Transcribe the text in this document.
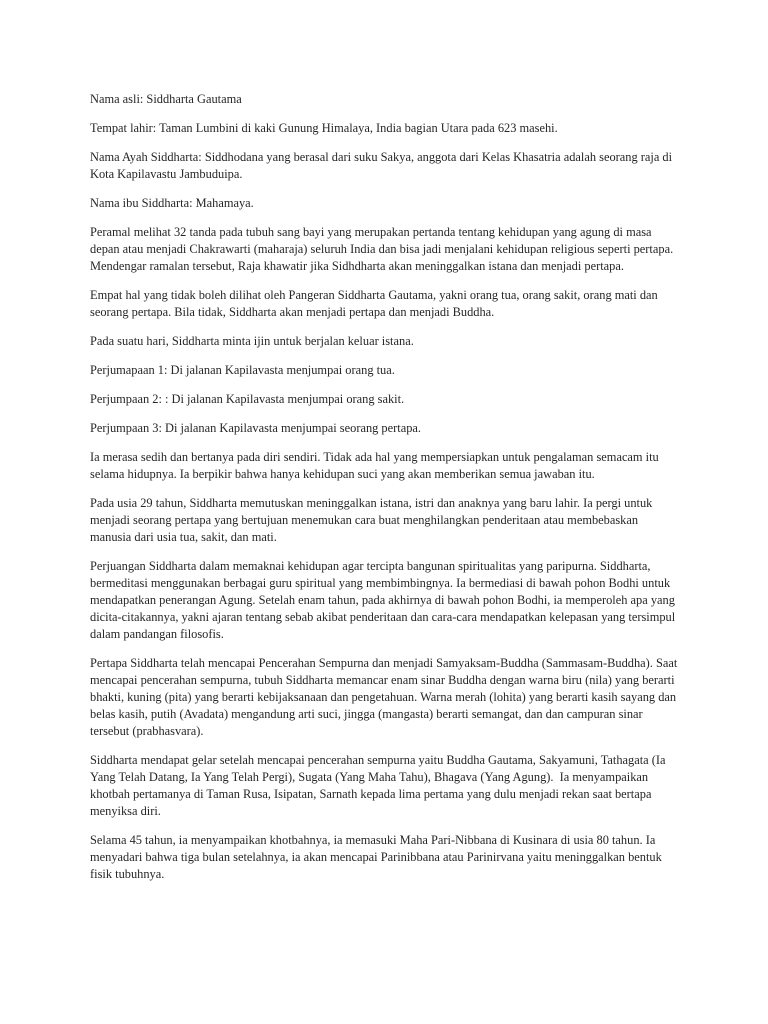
Nama asli: Siddharta Gautama

Tempat lahir: Taman Lumbini di kaki Gunung Himalaya, India bagian Utara pada 623 masehi.

Nama Ayah Siddharta: Siddhodana yang berasal dari suku Sakya, anggota dari Kelas Khasatria adalah seorang raja di Kota Kapilavastu Jambuduipa.

Nama ibu Siddharta: Mahamaya.

Peramal melihat 32 tanda pada tubuh sang bayi yang merupakan pertanda tentang kehidupan yang agung di masa depan atau menjadi Chakrawarti (maharaja) seluruh India dan bisa jadi menjalani kehidupan religious seperti pertapa. Mendengar ramalan tersebut, Raja khawatir jika Sidhdharta akan meninggalkan istana dan menjadi pertapa.

Empat hal yang tidak boleh dilihat oleh Pangeran Siddharta Gautama, yakni orang tua, orang sakit, orang mati dan seorang pertapa. Bila tidak, Siddharta akan menjadi pertapa dan menjadi Buddha.

Pada suatu hari, Siddharta minta ijin untuk berjalan keluar istana.

Perjumapaan 1: Di jalanan Kapilavasta menjumpai orang tua.

Perjumpaan 2: : Di jalanan Kapilavasta menjumpai orang sakit.

Perjumpaan 3: Di jalanan Kapilavasta menjumpai seorang pertapa.

Ia merasa sedih dan bertanya pada diri sendiri. Tidak ada hal yang mempersiapkan untuk pengalaman semacam itu selama hidupnya. Ia berpikir bahwa hanya kehidupan suci yang akan memberikan semua jawaban itu.

Pada usia 29 tahun, Siddharta memutuskan meninggalkan istana, istri dan anaknya yang baru lahir. Ia pergi untuk menjadi seorang pertapa yang bertujuan menemukan cara buat menghilangkan penderitaan atau membebaskan manusia dari usia tua, sakit, dan mati.

Perjuangan Siddharta dalam memaknai kehidupan agar tercipta bangunan spiritualitas yang paripurna. Siddharta, bermeditasi menggunakan berbagai guru spiritual yang membimbingnya. Ia bermediasi di bawah pohon Bodhi untuk mendapatkan penerangan Agung. Setelah enam tahun, pada akhirnya di bawah pohon Bodhi, ia memperoleh apa yang dicita-citakannya, yakni ajaran tentang sebab akibat penderitaan dan cara-cara mendapatkan kelepasan yang tersimpul dalam pandangan filosofis.

Pertapa Siddharta telah mencapai Pencerahan Sempurna dan menjadi Samyaksam-Buddha (Sammasam-Buddha). Saat mencapai pencerahan sempurna, tubuh Siddharta memancar enam sinar Buddha dengan warna biru (nila) yang berarti bhakti, kuning (pita) yang berarti kebijaksanaan dan pengetahuan. Warna merah (lohita) yang berarti kasih sayang dan belas kasih, putih (Avadata) mengandung arti suci, jingga (mangasta) berarti semangat, dan dan campuran sinar tersebut (prabhasvara).

Siddharta mendapat gelar setelah mencapai pencerahan sempurna yaitu Buddha Gautama, Sakyamuni, Tathagata (Ia Yang Telah Datang, Ia Yang Telah Pergi), Sugata (Yang Maha Tahu), Bhagava (Yang Agung).  Ia menyampaikan khotbah pertamanya di Taman Rusa, Isipatan, Sarnath kepada lima pertama yang dulu menjadi rekan saat bertapa menyiksa diri.

Selama 45 tahun, ia menyampaikan khotbahnya, ia memasuki Maha Pari-Nibbana di Kusinara di usia 80 tahun. Ia menyadari bahwa tiga bulan setelahnya, ia akan mencapai Parinibbana atau Parinirvana yaitu meninggalkan bentuk fisik tubuhnya.
